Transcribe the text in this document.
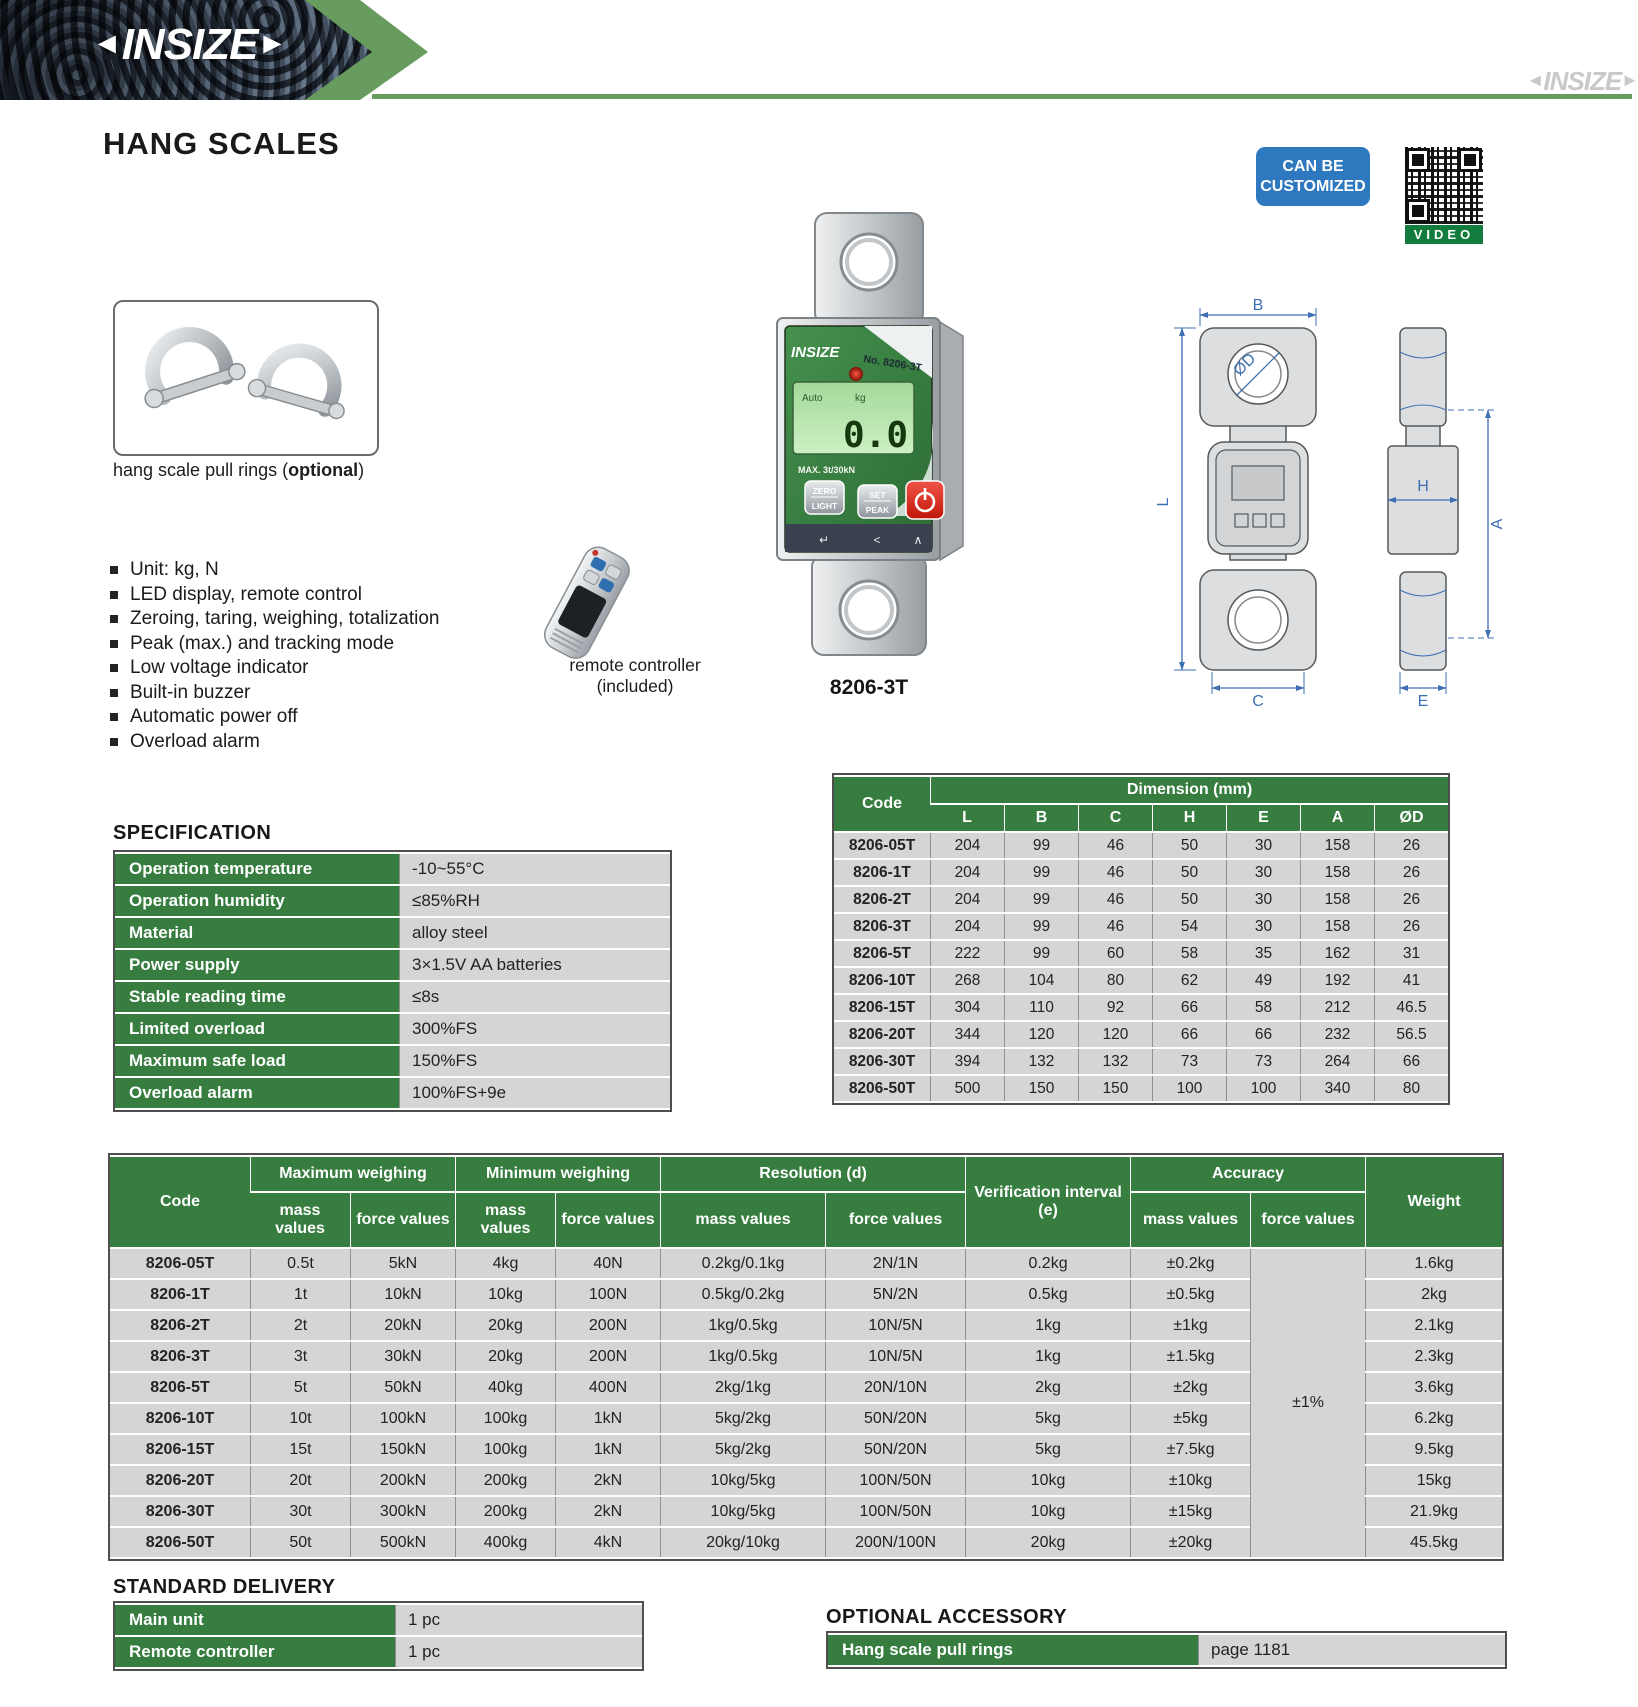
◄INSIZE►
◄INSIZE►
HANG SCALES
CAN BE
CUSTOMIZED
VIDEO
hang scale pull rings (optional)
Unit: kg, N
LED display, remote control
Zeroing, taring, weighing, totalization
Peak (max.) and tracking mode
Low voltage indicator
Built-in buzzer
Automatic power off
Overload alarm
remote controller
(included)
INSIZE
No. 8206-3T
Auto	kg
0.0
MAX. 3t/30kN
ZERO
LIGHT
SET
PEAK
↵	<	∧
8206-3T
B
L
ØD
C
H
A
E
SPECIFICATION
Operation temperature	-10~55°C
Operation humidity	≤85%RH
Material	alloy steel
Power supply	3×1.5V AA batteries
Stable reading time	≤8s
Limited overload	300%FS
Maximum safe load	150%FS
Overload alarm	100%FS+9e
Code	Dimension (mm)						
	L	B	C	H	E	A	ØD
8206-05T	204	99	46	50	30	158	26
8206-1T	204	99	46	50	30	158	26
8206-2T	204	99	46	50	30	158	26
8206-3T	204	99	46	54	30	158	26
8206-5T	222	99	60	58	35	162	31
8206-10T	268	104	80	62	49	192	41
8206-15T	304	110	92	66	58	212	46.5
8206-20T	344	120	120	66	66	232	56.5
8206-30T	394	132	132	73	73	264	66
8206-50T	500	150	150	100	100	340	80
Code	Maximum weighing		Minimum weighing		Resolution (d)		Verification interval (e)	Accuracy		Weight
	mass values	force values	mass values	force values	mass values	force values		mass values	force values	
8206-05T	0.5t	5kN	4kg	40N	0.2kg/0.1kg	2N/1N	0.2kg	±0.2kg	±1%	1.6kg
8206-1T	1t	10kN	10kg	100N	0.5kg/0.2kg	5N/2N	0.5kg	±0.5kg		2kg
8206-2T	2t	20kN	20kg	200N	1kg/0.5kg	10N/5N	1kg	±1kg		2.1kg
8206-3T	3t	30kN	20kg	200N	1kg/0.5kg	10N/5N	1kg	±1.5kg		2.3kg
8206-5T	5t	50kN	40kg	400N	2kg/1kg	20N/10N	2kg	±2kg		3.6kg
8206-10T	10t	100kN	100kg	1kN	5kg/2kg	50N/20N	5kg	±5kg		6.2kg
8206-15T	15t	150kN	100kg	1kN	5kg/2kg	50N/20N	5kg	±7.5kg		9.5kg
8206-20T	20t	200kN	200kg	2kN	10kg/5kg	100N/50N	10kg	±10kg		15kg
8206-30T	30t	300kN	200kg	2kN	10kg/5kg	100N/50N	10kg	±15kg		21.9kg
8206-50T	50t	500kN	400kg	4kN	20kg/10kg	200N/100N	20kg	±20kg		45.5kg
STANDARD DELIVERY
Main unit	1 pc
Remote controller	1 pc
OPTIONAL ACCESSORY
Hang scale pull rings	page 1181
